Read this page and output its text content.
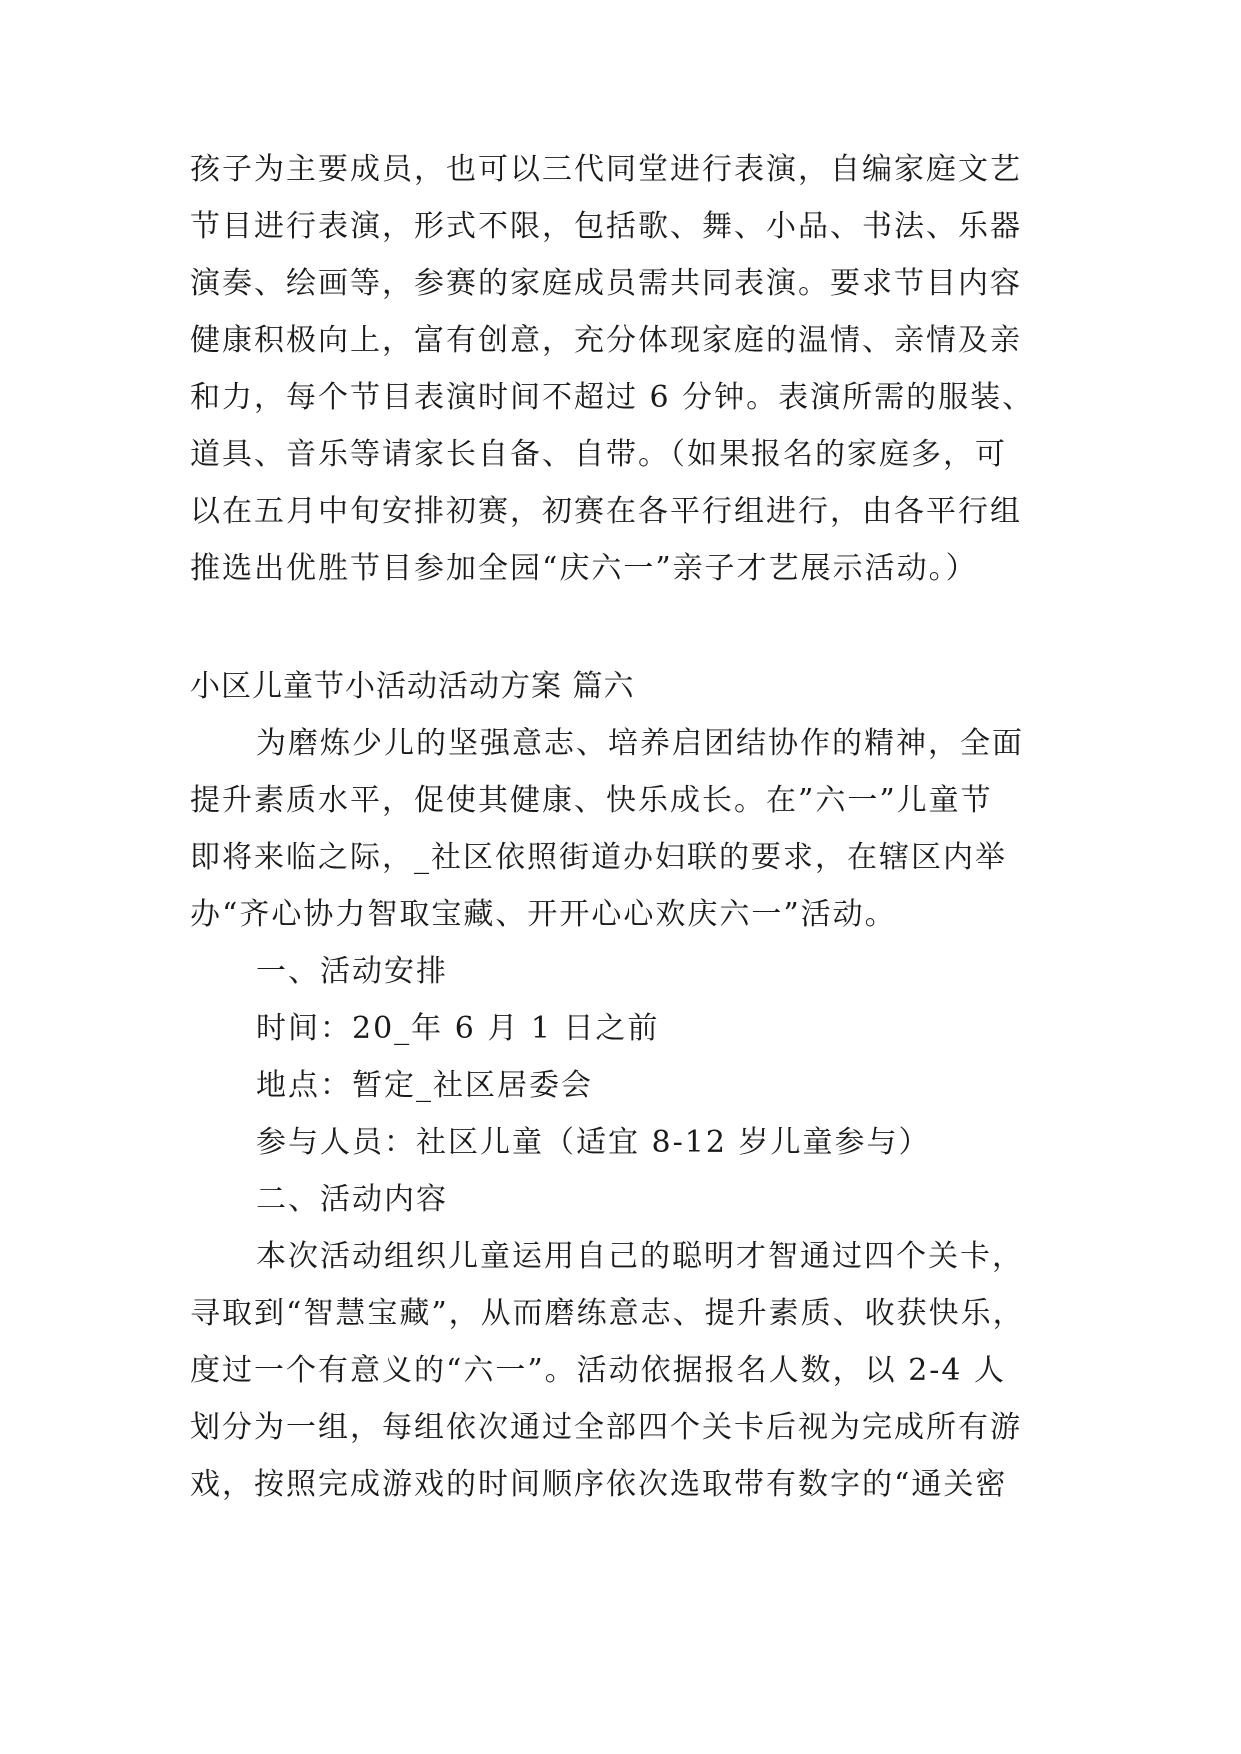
孩子为主要成员，也可以三代同堂进行表演，自编家庭文艺
节目进行表演，形式不限，包括歌、舞、小品、书法、乐器
演奏、绘画等，参赛的家庭成员需共同表演。要求节目内容
健康积极向上，富有创意，充分体现家庭的温情、亲情及亲
和力，每个节目表演时间不超过 6 分钟。表演所需的服装、
道具、音乐等请家长自备、自带。（如果报名的家庭多，可
以在五月中旬安排初赛，初赛在各平行组进行，由各平行组
推选出优胜节目参加全园“庆六一”亲子才艺展示活动。）
小区儿童节小活动活动方案 篇六
为磨炼少儿的坚强意志、培养启团结协作的精神，全面
提升素质水平，促使其健康、快乐成长。在”六一”儿童节
即将来临之际，_社区依照街道办妇联的要求，在辖区内举
办“齐心协力智取宝藏、开开心心欢庆六一”活动。
一、活动安排
时间：20_年 6 月 1 日之前
地点：暂定_社区居委会
参与人员：社区儿童（适宜 8-12 岁儿童参与）
二、活动内容
本次活动组织儿童运用自己的聪明才智通过四个关卡，
寻取到“智慧宝藏”，从而磨练意志、提升素质、收获快乐，
度过一个有意义的“六一”。活动依据报名人数，以 2-4 人
划分为一组，每组依次通过全部四个关卡后视为完成所有游
戏，按照完成游戏的时间顺序依次选取带有数字的“通关密
